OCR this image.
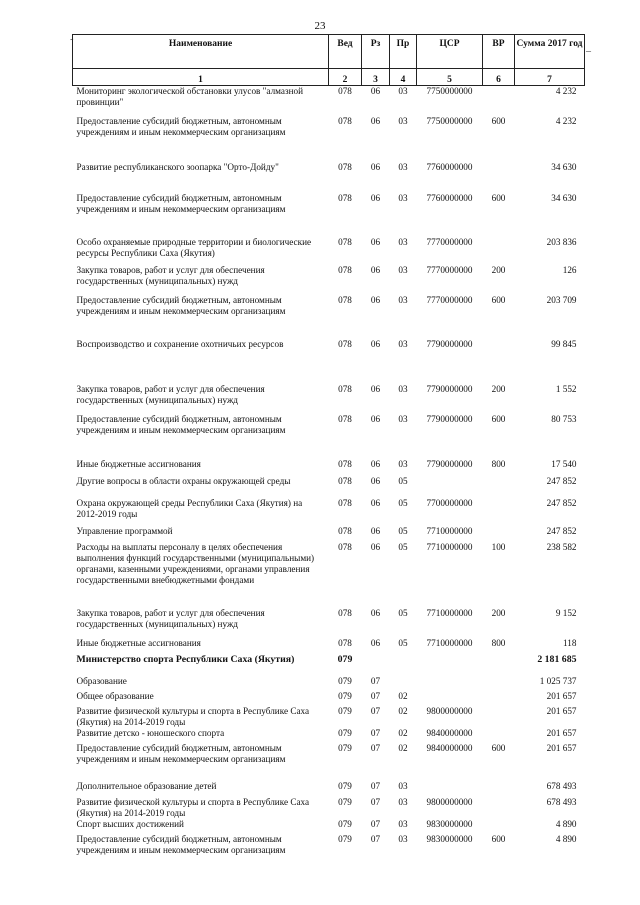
23
˜
–
Наименование	Вед	Рз	Пр	ЦСР	ВР	Сумма 2017 год
1	2	3	4	5	6	7
Мониторинг экологической обстановки улусов "алмазной провинции"	078	06	03	7750000000		4 232
Предоставление субсидий бюджетным, автономным учреждениям и иным некоммерческим организациям	078	06	03	7750000000	600	4 232
Развитие республиканского зоопарка "Орто-Дойду"	078	06	03	7760000000		34 630
Предоставление субсидий бюджетным, автономным учреждениям и иным некоммерческим организациям	078	06	03	7760000000	600	34 630
Особо охраняемые природные территории и биологические ресурсы Республики Саха (Якутия)	078	06	03	7770000000		203 836
Закупка товаров, работ и услуг для обеспечения государственных (муниципальных) нужд	078	06	03	7770000000	200	126
Предоставление субсидий бюджетным, автономным учреждениям и иным некоммерческим организациям	078	06	03	7770000000	600	203 709
Воспроизводство и сохранение охотничьих ресурсов	078	06	03	7790000000		99 845
Закупка товаров, работ и услуг для обеспечения государственных (муниципальных) нужд	078	06	03	7790000000	200	1 552
Предоставление субсидий бюджетным, автономным учреждениям и иным некоммерческим организациям	078	06	03	7790000000	600	80 753
Иные бюджетные ассигнования	078	06	03	7790000000	800	17 540
Другие вопросы в области охраны окружающей среды	078	06	05			247 852
Охрана окружающей среды Республики Саха (Якутия) на 2012-2019 годы	078	06	05	7700000000		247 852
Управление программой	078	06	05	7710000000		247 852
Расходы на выплаты персоналу в целях обеспечения выполнения функций государственными (муниципальными) органами, казенными учреждениями, органами управления государственными внебюджетными фондами	078	06	05	7710000000	100	238 582
Закупка товаров, работ и услуг для обеспечения государственных (муниципальных) нужд	078	06	05	7710000000	200	9 152
Иные бюджетные ассигнования	078	06	05	7710000000	800	118
Министерство спорта Республики Саха (Якутия)	079					2 181 685
Образование	079	07				1 025 737
Общее образование	079	07	02			201 657
Развитие физической культуры и спорта в Республике Саха (Якутия) на 2014-2019 годы	079	07	02	9800000000		201 657
Развитие детско - юношеского спорта	079	07	02	9840000000		201 657
Предоставление субсидий бюджетным, автономным учреждениям и иным некоммерческим организациям	079	07	02	9840000000	600	201 657
Дополнительное образование детей	079	07	03			678 493
Развитие физической культуры и спорта в Республике Саха (Якутия) на 2014-2019 годы	079	07	03	9800000000		678 493
Спорт высших достижений	079	07	03	9830000000		4 890
Предоставление субсидий бюджетным, автономным учреждениям и иным некоммерческим организациям	079	07	03	9830000000	600	4 890
